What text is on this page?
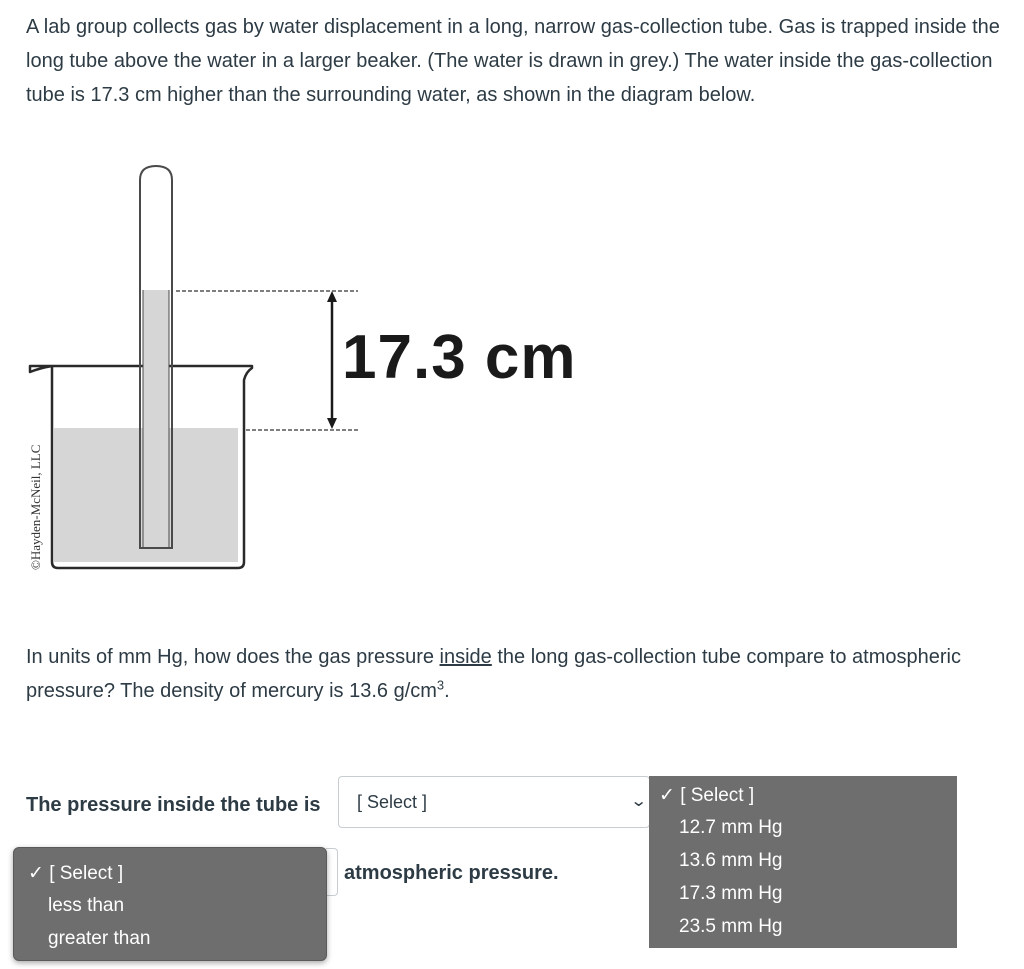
A lab group collects gas by water displacement in a long, narrow gas-collection tube. Gas is trapped inside the long tube above the water in a larger beaker. (The water is drawn in grey.) The water inside the gas-collection tube is 17.3 cm higher than the surrounding water, as shown in the diagram below.

17.3 cm
©Hayden-McNeil, LLC

In units of mm Hg, how does the gas pressure inside the long gas-collection tube compare to atmospheric pressure? The density of mercury is 13.6 $g/cm^3$.

The pressure inside the tube is [ Select ]	⌄ ✓ [ Select ]
12.7 mm Hg
13.6 mm Hg
17.3 mm Hg
23.5 mm Hg
atmospheric pressure.
✓ [ Select ]
less than
greater than
